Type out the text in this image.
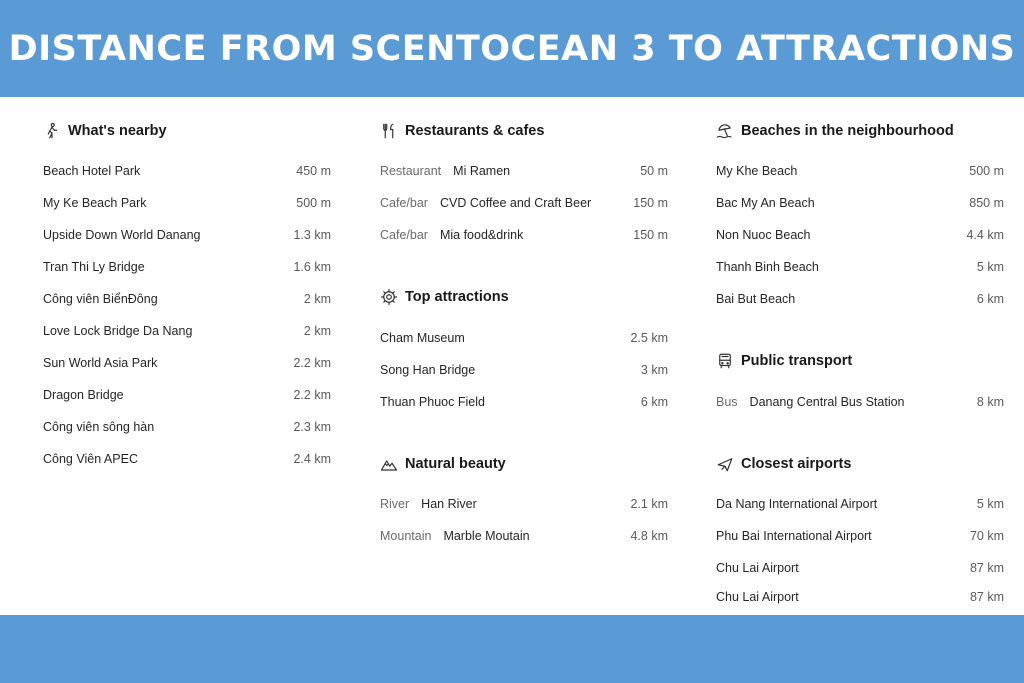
DISTANCE FROM SCENTOCEAN 3 TO ATTRACTIONS
What's nearby
Beach Hotel Park	450 m
My Ke Beach Park	500 m
Upside Down World Danang	1.3 km
Tran Thi Ly Bridge	1.6 km
Công viên BiểnĐông	2 km
Love Lock Bridge Da Nang	2 km
Sun World Asia Park	2.2 km
Dragon Bridge	2.2 km
Công viên sông hàn	2.3 km
Công Viên APEC	2.4 km
Restaurants & cafes
Restaurant Mi Ramen	50 m
Cafe/bar CVD Coffee and Craft Beer	150 m
Cafe/bar Mia food&drink	150 m
Top attractions
Cham Museum	2.5 km
Song Han Bridge	3 km
Thuan Phuoc Field	6 km
Natural beauty
River Han River	2.1 km
Mountain Marble Moutain	4.8 km
Beaches in the neighbourhood
My Khe Beach	500 m
Bac My An Beach	850 m
Non Nuoc Beach	4.4 km
Thanh Binh Beach	5 km
Bai But Beach	6 km
Public transport
Bus Danang Central Bus Station	8 km
Closest airports
Da Nang International Airport	5 km
Phu Bai International Airport	70 km
Chu Lai Airport	87 km
Chu Lai Airport	87 km
